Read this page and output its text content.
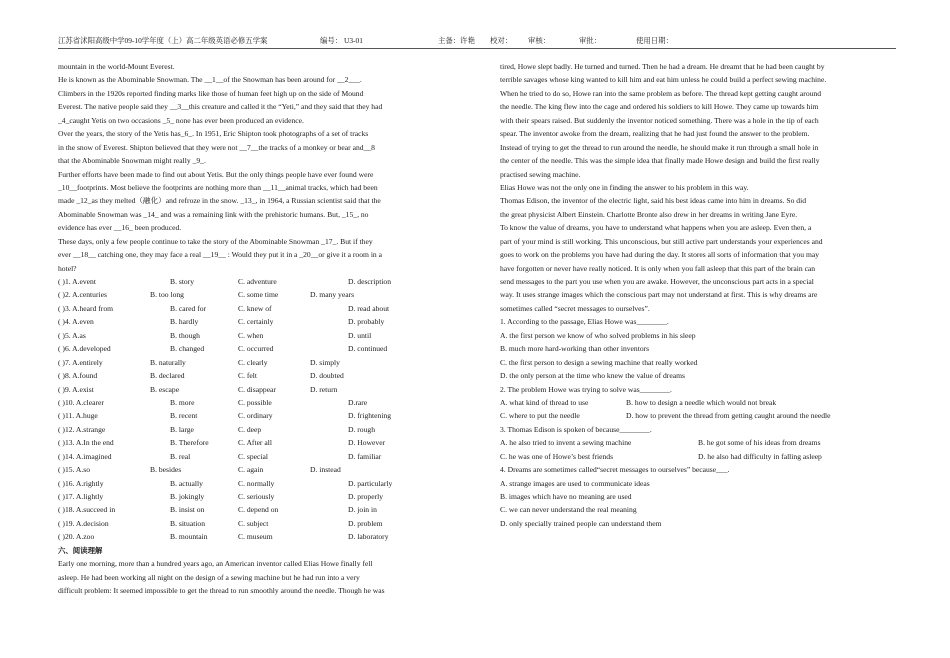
江苏省沭阳高级中学09-10学年度（上）高二年级英语必修五学案	编号： U3-01	主备：许艳 校对： 审核：	审批：	使用日期：
mountain in the world-Mount Everest.
He is known as the Abominable Snowman. The __1__of the Snowman has been around for __2___.
Climbers in the 1920s reported finding marks like those of human feet high up on the side of Mound
Everest. The native people said they __3__this creature and called it the “Yeti,” and they said that they had
_4_caught Yetis on two occasions _5_ none has ever been produced an evidence.
Over the years, the story of the Yetis has_6_. In 1951, Eric Shipton took photographs of a set of tracks
in the snow of Everest. Shipton believed that they were not __7__the tracks of a monkey or bear and__8
that the Abominable Snowman might really _9_.
Further efforts have been made to find out about Yetis. But the only things people have ever found were
_10__footprints. Most believe the footprints are nothing more than __11__animal tracks, which had been
made _12_as they melted（融化）and refroze in the snow. _13_, in 1964, a Russian scientist said that the
Abominable Snowman was _14_ and was a remaining link with the prehistoric humans. But, _15_, no
evidence has ever __16_ been produced.
These days, only a few people continue to take the story of the Abominable Snowman _17_. But if they
ever __18__ catching one, they may face a real __19__ : Would they put it in a _20__or give it a room in a
hotel?
( )1. A.event	B. story	C. adventure	D. description
( )2. A.centuries	B. too long	C. some time	D. many years
( )3. A.heard from	B. cared for	C. knew of	D. read about
( )4. A.even	B. hardly	C. certainly	D. probably
( )5. A.as	B. though	C. when	D. until
( )6. A.developed	B. changed	C. occurred	D. continued
( )7. A.entirely	B. naturally	C. clearly	D. simply
( )8. A.found	B. declared	C. felt	D. doubted
( )9. A.exist	B. escape	C. disappear	D. return
( )10. A.clearer	B. more	C. possible	D.rare
( )11. A.huge	B. recent	C. ordinary	D. frightening
( )12. A.strange	B. large	C. deep	D. rough
( )13. A.In the end	B. Therefore	C. After all	D. However
( )14. A.imagined	B. real	C. special	D. familiar
( )15. A.so	B. besides	C. again	D. instead
( )16. A.rightly	B. actually	C. normally	D. particularly
( )17. A.lightly	B. jokingly	C. seriously	D. properly
( )18. A.succeed in	B. insist on	C. depend on	D. join in
( )19. A.decision	B. situation	C. subject	D. problem
( )20. A.zoo	B. mountain	C. museum	D. laboratory
六、阅读理解
Early one morning, more than a hundred years ago, an American inventor called Elias Howe finally fell
asleep. He had been working all night on the design of a sewing machine but he had run into a very
difficult problem: It seemed impossible to get the thread to run smoothly around the needle. Though he was
tired, Howe slept badly. He turned and turned. Then he had a dream. He dreamt that he had been caught by
terrible savages whose king wanted to kill him and eat him unless he could build a perfect sewing machine.
When he tried to do so, Howe ran into the same problem as before. The thread kept getting caught around
the needle. The king flew into the cage and ordered his soldiers to kill Howe. They came up towards him
with their spears raised. But suddenly the inventor noticed something. There was a hole in the tip of each
spear. The inventor awoke from the dream, realizing that he had just found the answer to the problem.
Instead of trying to get the thread to run around the needle, he should make it run through a small hole in
the center of the needle. This was the simple idea that finally made Howe design and build the first really
practised sewing machine.
Elias Howe was not the only one in finding the answer to his problem in this way.
Thomas Edison, the inventor of the electric light, said his best ideas came into him in dreams. So did
the great physicist Albert Einstein. Charlotte Bronte also drew in her dreams in writing Jane Eyre.
To know the value of dreams, you have to understand what happens when you are asleep. Even then, a
part of your mind is still working. This unconscious, but still active part understands your experiences and
goes to work on the problems you have had during the day. It stores all sorts of information that you may
have forgotten or never have really noticed. It is only when you fall asleep that this part of the brain can
send messages to the part you use when you are awake. However, the unconscious part acts in a special
way. It uses strange images which the conscious part may not understand at first. This is why dreams are
sometimes called “secret messages to ourselves”.
1. According to the passage, Elias Howe was________.
A. the first person we know of who solved problems in his sleep
B. much more hard-working than other inventors
C. the first person to design a sewing machine that really worked
D. the only person at the time who knew the value of dreams
2. The problem Howe was trying to solve was________.
A. what kind of thread to use	B. how to design a needle which would not break
C. where to put the needle	D. how to prevent the thread from getting caught around the needle
3. Thomas Edison is spoken of because________.
A. he also tried to invent a sewing machine	B. he got some of his ideas from dreams
C. he was one of Howe’s best friends	D. he also had difficulty in falling asleep
4. Dreams are sometimes called“secret messages to ourselves” because___.
A. strange images are used to communicate ideas
B. images which have no meaning are used
C. we can never understand the real meaning
D. only specially trained people can understand them
